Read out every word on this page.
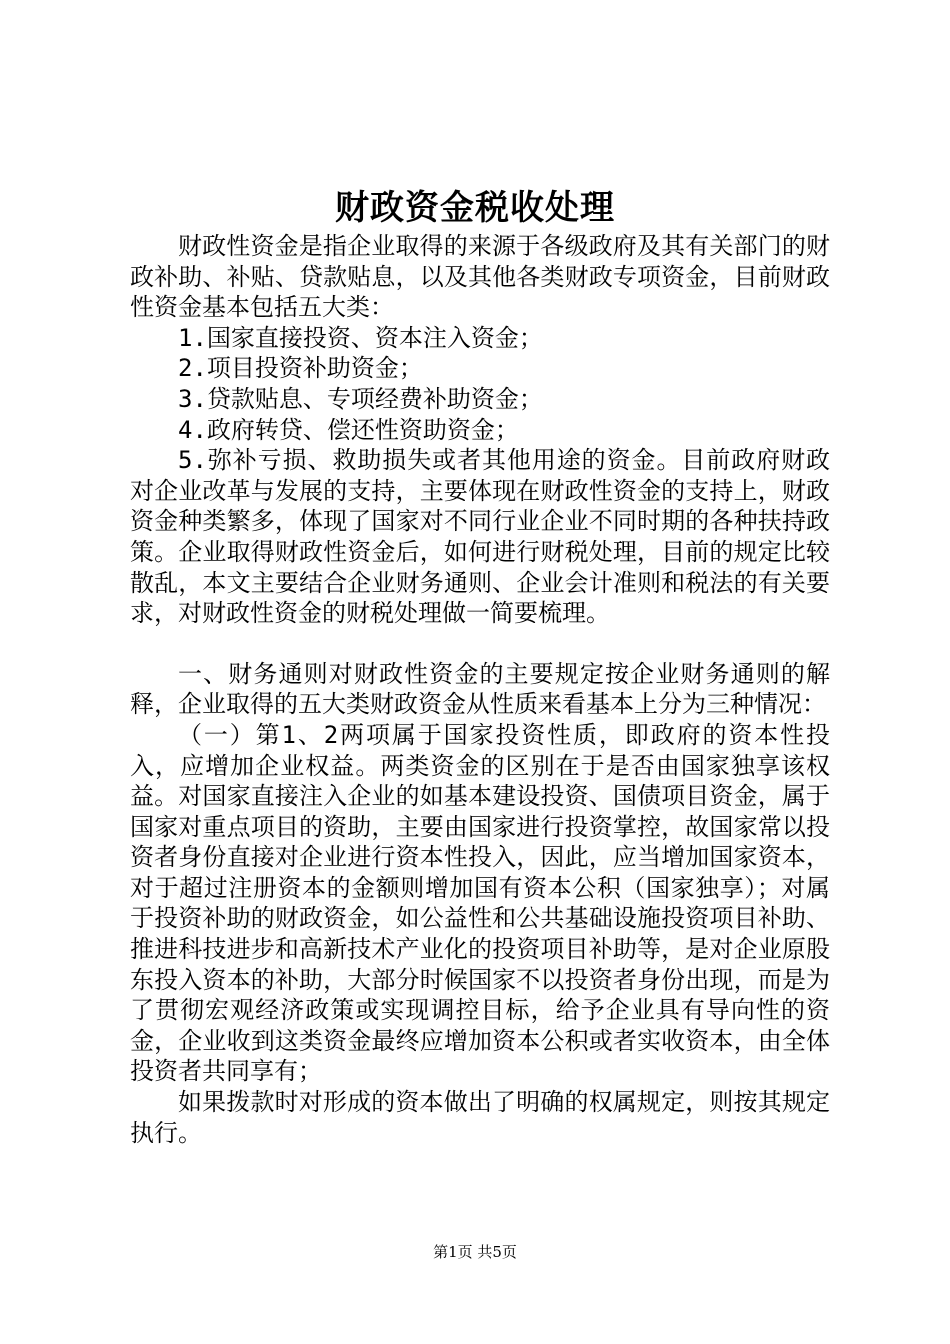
财政资金税收处理

财政性资金是指企业取得的来源于各级政府及其有关部门的财政补助、补贴、贷款贴息，以及其他各类财政专项资金，目前财政性资金基本包括五大类：

1.国家直接投资、资本注入资金；

2.项目投资补助资金；

3.贷款贴息、专项经费补助资金；

4.政府转贷、偿还性资助资金；

5.弥补亏损、救助损失或者其他用途的资金。目前政府财政对企业改革与发展的支持，主要体现在财政性资金的支持上，财政资金种类繁多，体现了国家对不同行业企业不同时期的各种扶持政策。企业取得财政性资金后，如何进行财税处理，目前的规定比较散乱，本文主要结合企业财务通则、企业会计准则和税法的有关要求，对财政性资金的财税处理做一简要梳理。

一、财务通则对财政性资金的主要规定按企业财务通则的解释，企业取得的五大类财政资金从性质来看基本上分为三种情况：

（一）第1、2两项属于国家投资性质，即政府的资本性投入，应增加企业权益。两类资金的区别在于是否由国家独享该权益。对国家直接注入企业的如基本建设投资、国债项目资金，属于国家对重点项目的资助，主要由国家进行投资掌控，故国家常以投资者身份直接对企业进行资本性投入，因此，应当增加国家资本，对于超过注册资本的金额则增加国有资本公积（国家独享）；对属于投资补助的财政资金，如公益性和公共基础设施投资项目补助、推进科技进步和高新技术产业化的投资项目补助等，是对企业原股东投入资本的补助，大部分时候国家不以投资者身份出现，而是为了贯彻宏观经济政策或实现调控目标，给予企业具有导向性的资金，企业收到这类资金最终应增加资本公积或者实收资本，由全体投资者共同享有；

如果拨款时对形成的资本做出了明确的权属规定，则按其规定执行。

第1页 共5页
